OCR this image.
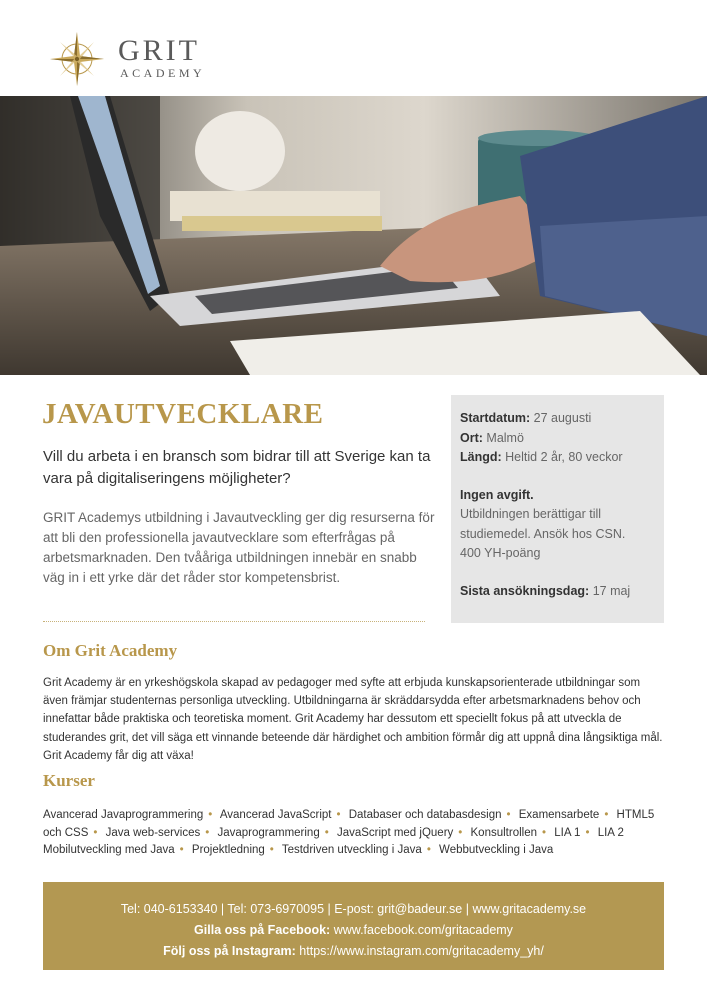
GRIT
ACADEMY
JAVAUTVECKLARE

Vill du arbeta i en bransch som bidrar till att Sverige kan ta vara på digitaliseringens möjligheter?

GRIT Academys utbildning i Javautveckling ger dig resurserna för att bli den professionella javautvecklare som efterfrågas på arbetsmarknaden. Den tvååriga utbildningen innebär en snabb väg in i ett yrke där det råder stor kompetensbrist.

Startdatum: 27 augusti
Ort: Malmö
Längd: Heltid 2 år, 80 veckor
Ingen avgift.
Utbildningen berättigar till studiemedel. Ansök hos CSN.
400 YH-poäng
Sista ansökningsdag: 17 maj
Om Grit Academy

Grit Academy är en yrkeshögskola skapad av pedagoger med syfte att erbjuda kunskapsorienterade utbildningar som även främjar studenternas personliga utveckling. Utbildningarna är skräddarsydda efter arbetsmarknadens behov och innefattar både praktiska och teoretiska moment. Grit Academy har dessutom ett speciellt fokus på att utveckla de studerandes grit, det vill säga ett vinnande beteende där härdighet och ambition förmår dig att uppnå dina långsiktiga mål. Grit Academy får dig att växa!

Kurser
Avancerad Javaprogrammering • Avancerad JavaScript • Databaser och databasdesign • Examensarbete • HTML5 och CSS • Java web-services • Javaprogrammering • JavaScript med jQuery • Konsultrollen • LIA 1 • LIA 2 Mobilutveckling med Java • Projektledning • Testdriven utveckling i Java • Webbutveckling i Java
Tel: 040-6153340 | Tel: 073-6970095 | E-post: grit@badeur.se | www.gritacademy.se
Gilla oss på Facebook: www.facebook.com/gritacademy
Följ oss på Instagram: https://www.instagram.com/gritacademy_yh/
